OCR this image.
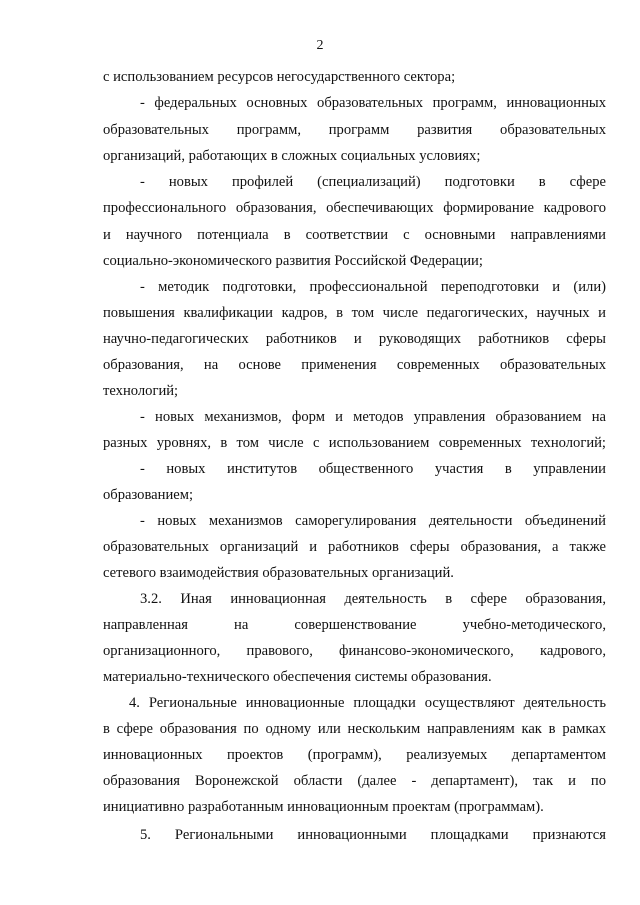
2
с использованием ресурсов негосударственного сектора;
- федеральных основных образовательных программ, инновационных
образовательных программ, программ развития образовательных
организаций, работающих в сложных социальных условиях;
- новых профилей (специализаций) подготовки в сфере
профессионального образования, обеспечивающих формирование кадрового
и научного потенциала в соответствии с основными направлениями
социально-экономического развития Российской Федерации;
- методик подготовки, профессиональной переподготовки и (или)
повышения квалификации кадров, в том числе педагогических, научных и
научно-педагогических работников и руководящих работников сферы
образования, на основе применения современных образовательных
технологий;
- новых механизмов, форм и методов управления образованием на
разных уровнях, в том числе с использованием современных технологий;
- новых институтов общественного участия в управлении
образованием;
- новых механизмов саморегулирования деятельности объединений
образовательных организаций и работников сферы образования, а также
сетевого взаимодействия образовательных организаций.
3.2. Иная инновационная деятельность в сфере образования,
направленная на совершенствование учебно-методического,
организационного, правового, финансово-экономического, кадрового,
материально-технического обеспечения системы образования.
4. Региональные инновационные площадки осуществляют деятельность
в сфере образования по одному или нескольким направлениям как в рамках
инновационных проектов (программ), реализуемых департаментом
образования Воронежской области (далее - департамент), так и по
инициативно разработанным инновационным проектам (программам).
5. Региональными инновационными площадками признаются
